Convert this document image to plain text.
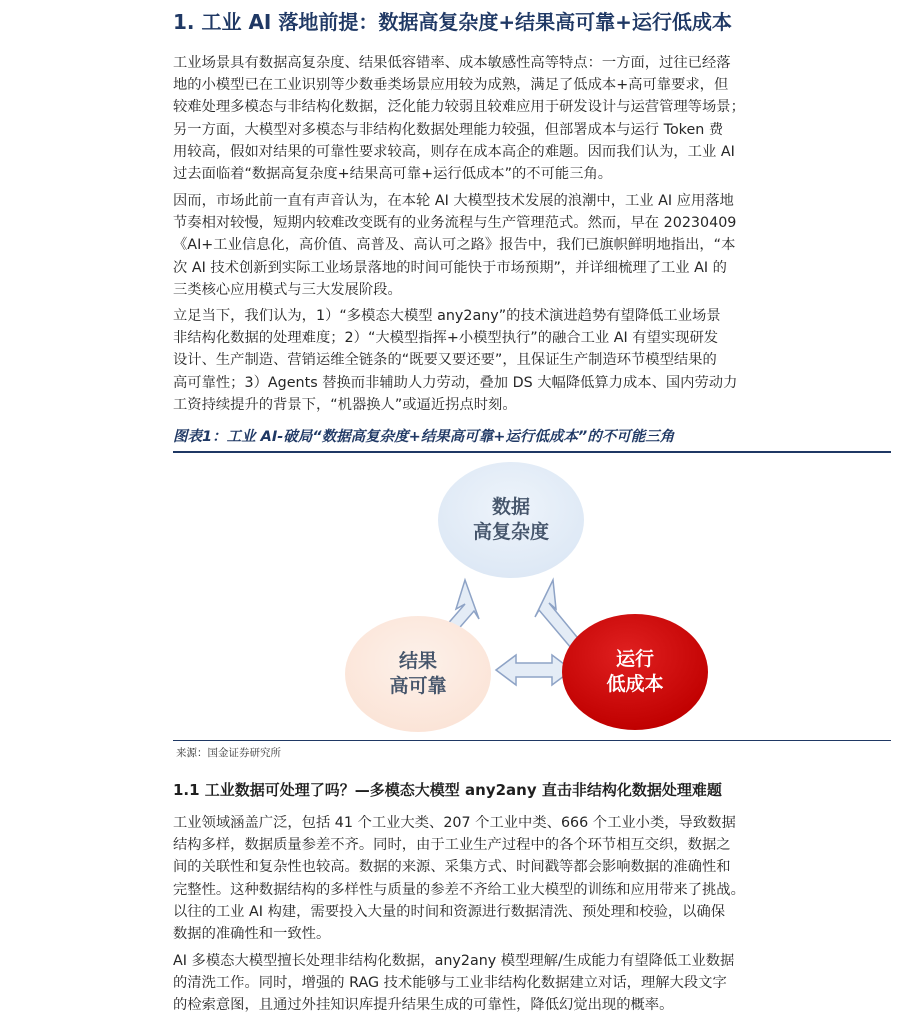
1. 工业 AI 落地前提：数据高复杂度+结果高可靠+运行低成本
工业场景具有数据高复杂度、结果低容错率、成本敏感性高等特点：一方面，过往已经落
地的小模型已在工业识别等少数垂类场景应用较为成熟，满足了低成本+高可靠要求，但
较难处理多模态与非结构化数据，泛化能力较弱且较难应用于研发设计与运营管理等场景；
另一方面，大模型对多模态与非结构化数据处理能力较强，但部署成本与运行 Token 费
用较高，假如对结果的可靠性要求较高，则存在成本高企的难题。因而我们认为，工业 AI
过去面临着“数据高复杂度+结果高可靠+运行低成本”的不可能三角。
因而，市场此前一直有声音认为，在本轮 AI 大模型技术发展的浪潮中，工业 AI 应用落地
节奏相对较慢，短期内较难改变既有的业务流程与生产管理范式。然而，早在 20230409
《AI+工业信息化，高价值、高普及、高认可之路》报告中，我们已旗帜鲜明地指出，“本
次 AI 技术创新到实际工业场景落地的时间可能快于市场预期”，并详细梳理了工业 AI 的
三类核心应用模式与三大发展阶段。
立足当下，我们认为，1）“多模态大模型 any2any”的技术演进趋势有望降低工业场景
非结构化数据的处理难度；2）“大模型指挥+小模型执行”的融合工业 AI 有望实现研发
设计、生产制造、营销运维全链条的“既要又要还要”，且保证生产制造环节模型结果的
高可靠性；3）Agents 替换而非辅助人力劳动，叠加 DS 大幅降低算力成本、国内劳动力
工资持续提升的背景下，“机器换人”或逼近拐点时刻。
图表1：工业 AI-破局“数据高复杂度+结果高可靠+运行低成本”的不可能三角
数据
高复杂度
结果
高可靠
运行
低成本
来源：国金证券研究所
1.1 工业数据可处理了吗？—多模态大模型 any2any 直击非结构化数据处理难题
工业领域涵盖广泛，包括 41 个工业大类、207 个工业中类、666 个工业小类，导致数据
结构多样，数据质量参差不齐。同时，由于工业生产过程中的各个环节相互交织，数据之
间的关联性和复杂性也较高。数据的来源、采集方式、时间戳等都会影响数据的准确性和
完整性。这种数据结构的多样性与质量的参差不齐给工业大模型的训练和应用带来了挑战。
以往的工业 AI 构建，需要投入大量的时间和资源进行数据清洗、预处理和校验，以确保
数据的准确性和一致性。
AI 多模态大模型擅长处理非结构化数据，any2any 模型理解/生成能力有望降低工业数据
的清洗工作。同时，增强的 RAG 技术能够与工业非结构化数据建立对话，理解大段文字
的检索意图，且通过外挂知识库提升结果生成的可靠性，降低幻觉出现的概率。
